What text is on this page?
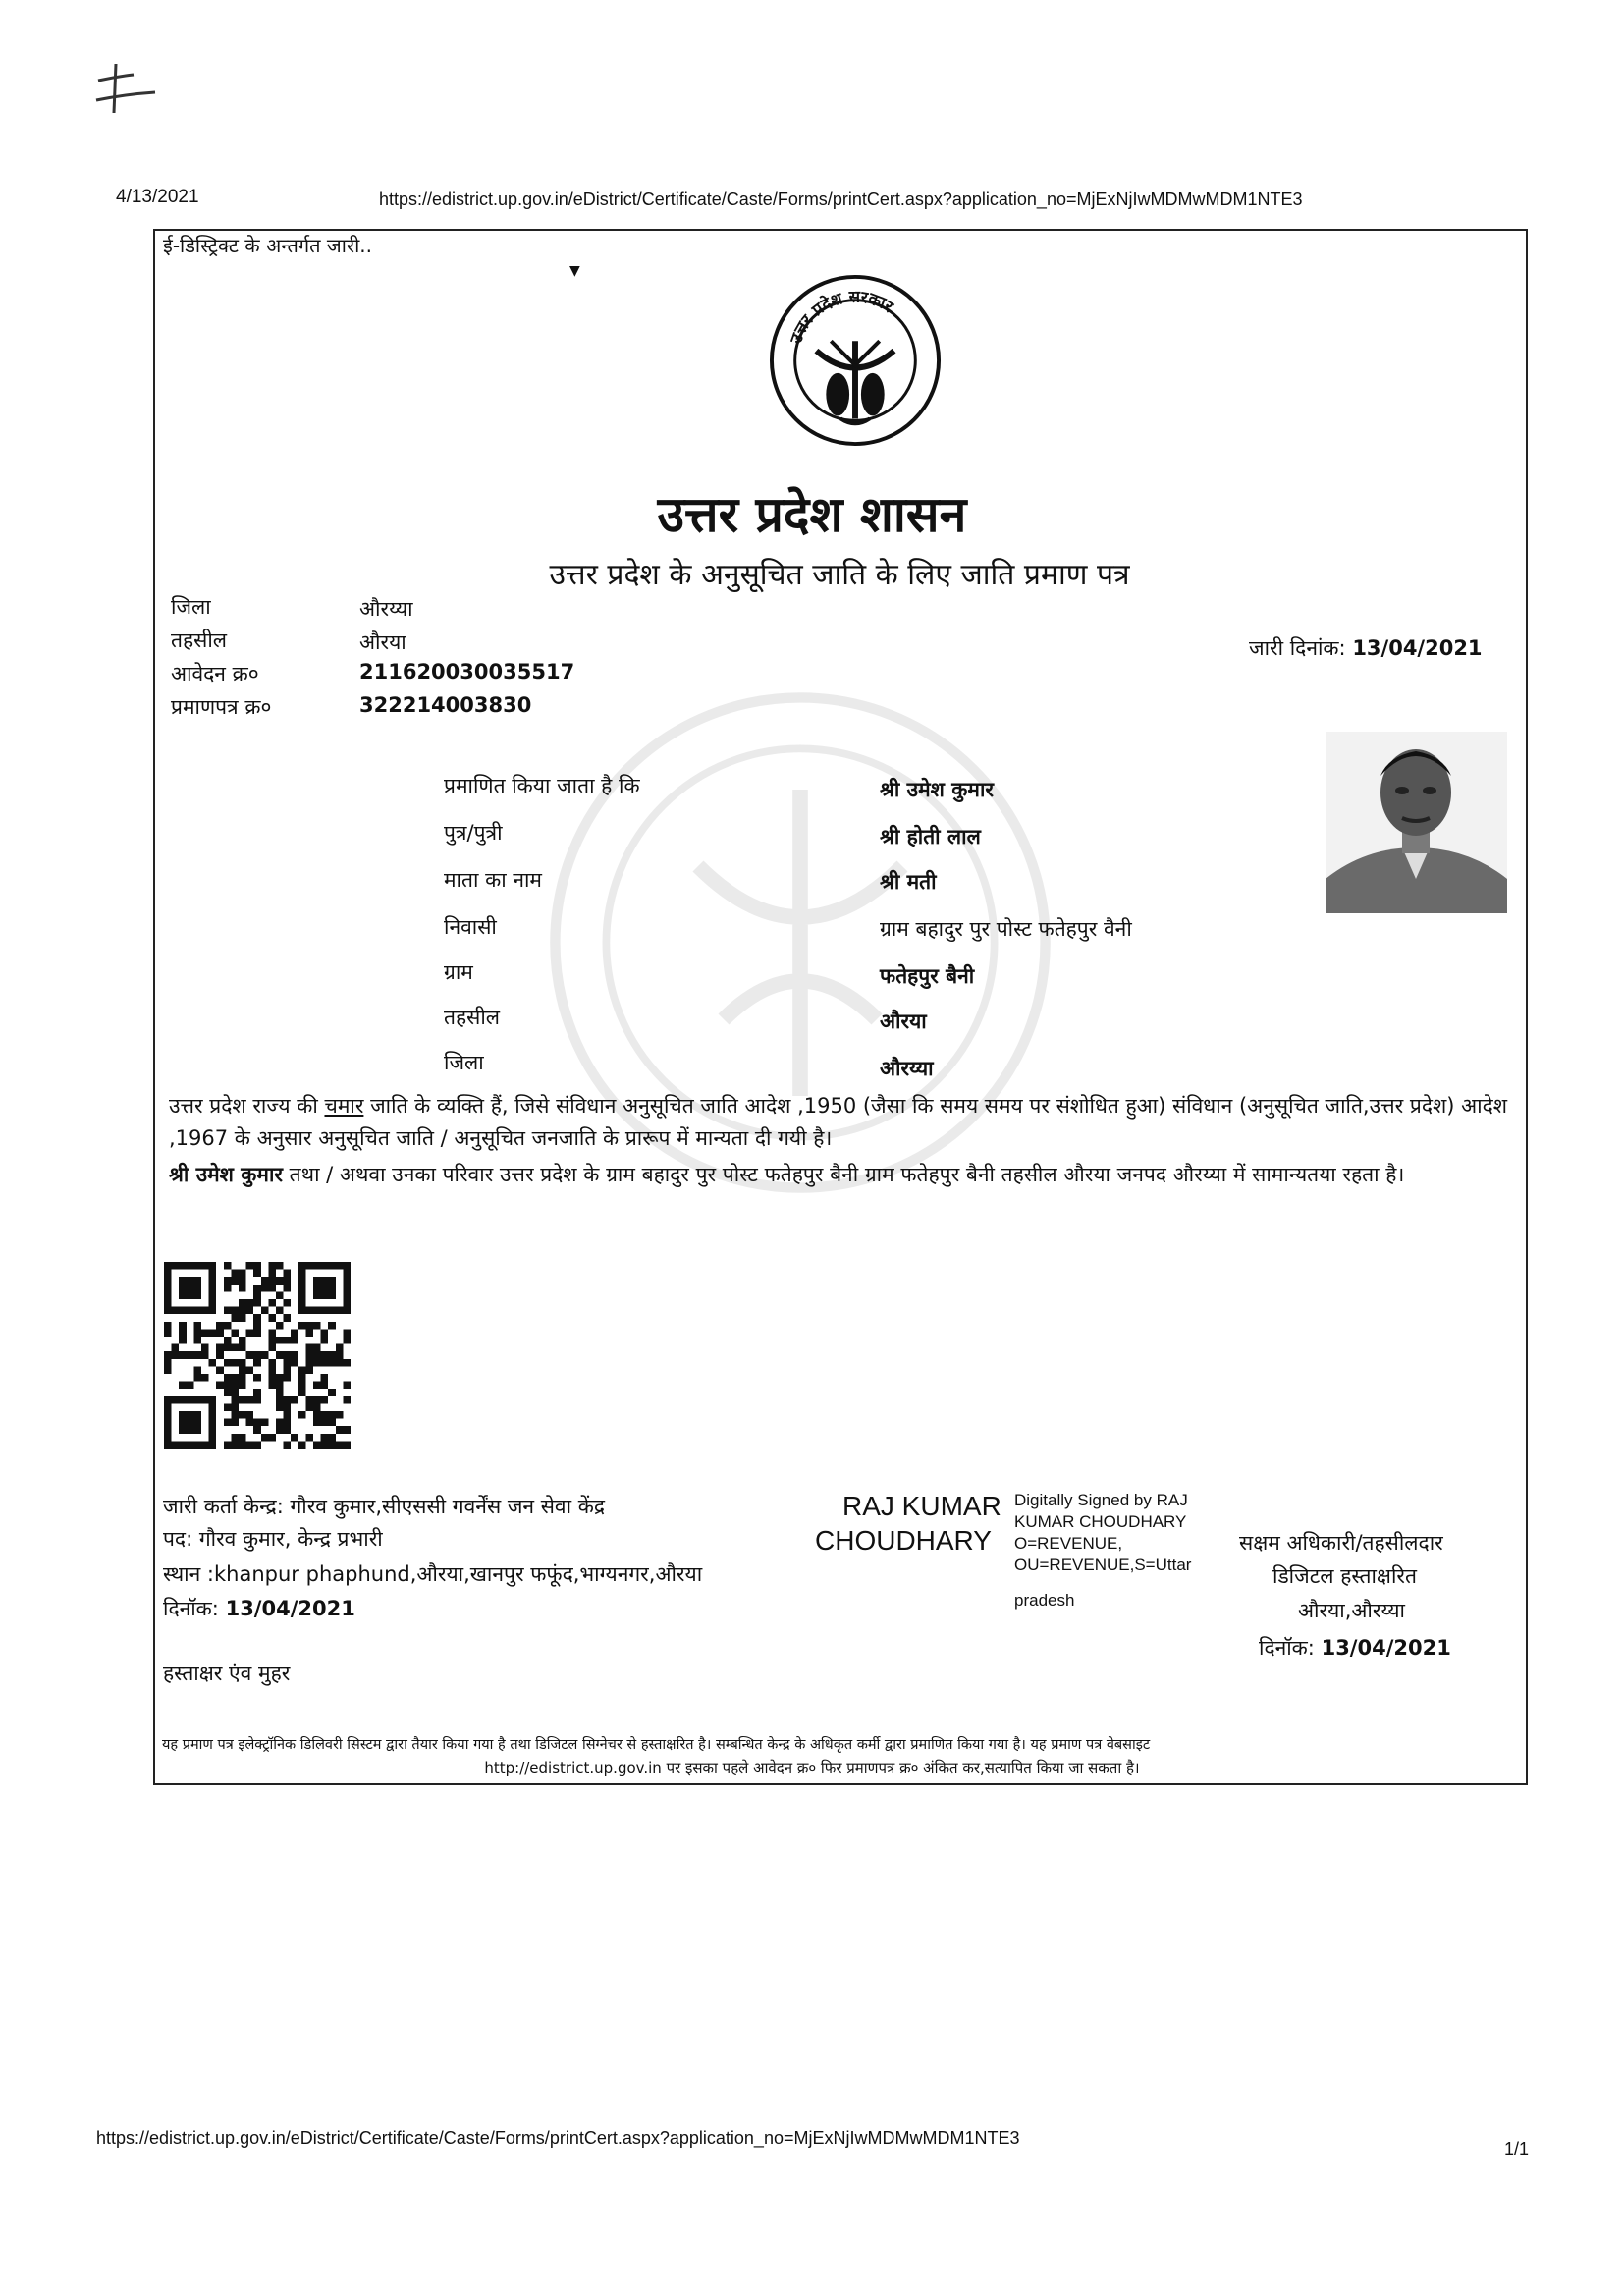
4/13/2021	https://edistrict.up.gov.in/eDistrict/Certificate/Caste/Forms/printCert.aspx?application_no=MjExNjIwMDMwMDM1NTE3
ई-डिस्ट्रिक्ट के अन्तर्गत जारी..
▼
उत्तर प्रदेश सरकार
उत्तर प्रदेश शासन
उत्तर प्रदेश के अनुसूचित जाति के लिए जाति प्रमाण पत्र
जिला	औरय्या
तहसील	औरया
आवेदन क्र०	211620030035517
प्रमाणपत्र क्र०	322214003830
जारी दिनांक: 13/04/2021
प्रमाणित किया जाता है कि	श्री उमेश कुमार
पुत्र/पुत्री	श्री होती लाल
माता का नाम	श्री मती
निवासी	ग्राम बहादुर पुर पोस्ट फतेहपुर वैनी
ग्राम	फतेहपुर बैनी
तहसील	औरया
जिला	औरय्या
उत्तर प्रदेश राज्य की चमार जाति के व्यक्ति हैं, जिसे संविधान अनुसूचित जाति आदेश ,1950 (जैसा कि समय समय पर संशोधित हुआ) संविधान (अनुसूचित जाति,उत्तर प्रदेश) आदेश ,1967 के अनुसार अनुसूचित जाति / अनुसूचित जनजाति के प्रारूप में मान्यता दी गयी है।
श्री उमेश कुमार तथा / अथवा उनका परिवार उत्तर प्रदेश के ग्राम बहादुर पुर पोस्ट फतेहपुर बैनी ग्राम फतेहपुर बैनी तहसील औरया जनपद औरय्या में सामान्यतया रहता है।
जारी कर्ता केन्द्र: गौरव कुमार,सीएससी गवर्नेंस जन सेवा केंद्र
पद: गौरव कुमार, केन्द्र प्रभारी
स्थान :khanpur phaphund,औरया,खानपुर फफूंद,भाग्यनगर,औरया
दिनॉक: 13/04/2021
हस्ताक्षर एंव मुहर
RAJ KUMAR
CHOUDHARY
Digitally Signed by RAJ
KUMAR CHOUDHARY
O=REVENUE,
OU=REVENUE,S=Uttar
pradesh
सक्षम अधिकारी/तहसीलदार
डिजिटल हस्ताक्षरित
औरया,औरय्या
दिनॉक: 13/04/2021
यह प्रमाण पत्र इलेक्ट्रॉनिक डिलिवरी सिस्टम द्वारा तैयार किया गया है तथा डिजिटल सिग्नेचर से हस्ताक्षरित है। सम्बन्धित केन्द्र के अधिकृत कर्मी द्वारा प्रमाणित किया गया है। यह प्रमाण पत्र वेबसाइट
http://edistrict.up.gov.in पर इसका पहले आवेदन क्र० फिर प्रमाणपत्र क्र० अंकित कर,सत्यापित किया जा सकता है।
https://edistrict.up.gov.in/eDistrict/Certificate/Caste/Forms/printCert.aspx?application_no=MjExNjIwMDMwMDM1NTE3
1/1
